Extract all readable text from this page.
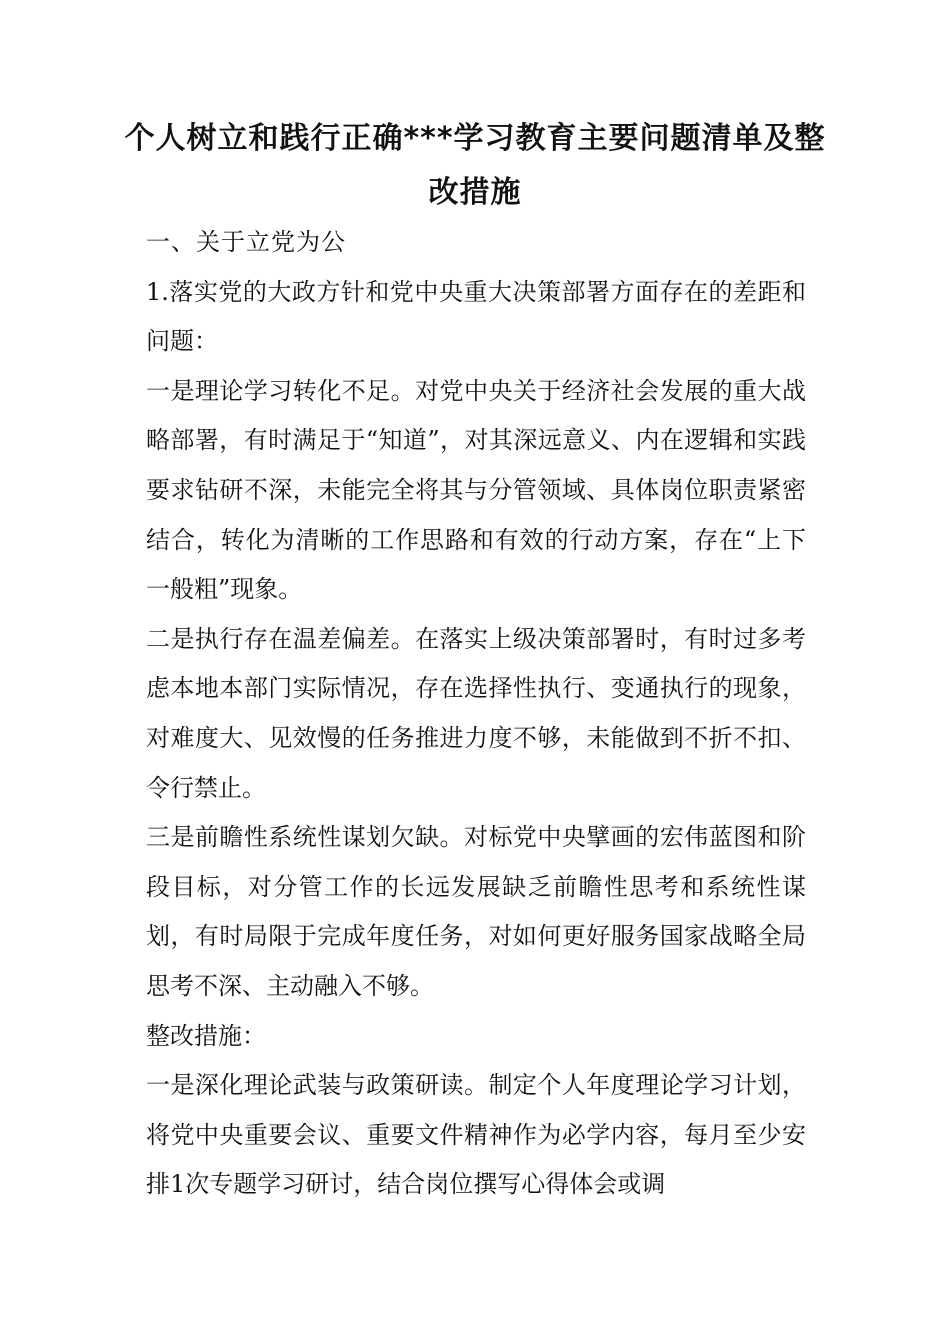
个人树立和践行正确***学习教育主要问题清单及整改措施

一、关于立党为公

1.落实党的大政方针和党中央重大决策部署方面存在的差距和问题：

一是理论学习转化不足。对党中央关于经济社会发展的重大战略部署，有时满足于“知道”，对其深远意义、内在逻辑和实践要求钻研不深，未能完全将其与分管领域、具体岗位职责紧密结合，转化为清晰的工作思路和有效的行动方案，存在“上下一般粗”现象。

二是执行存在温差偏差。在落实上级决策部署时，有时过多考虑本地本部门实际情况，存在选择性执行、变通执行的现象，对难度大、见效慢的任务推进力度不够，未能做到不折不扣、令行禁止。

三是前瞻性系统性谋划欠缺。对标党中央擘画的宏伟蓝图和阶段目标，对分管工作的长远发展缺乏前瞻性思考和系统性谋划，有时局限于完成年度任务，对如何更好服务国家战略全局思考不深、主动融入不够。

整改措施：

一是深化理论武装与政策研读。制定个人年度理论学习计划，将党中央重要会议、重要文件精神作为必学内容，每月至少安排1次专题学习研讨，结合岗位撰写心得体会或调
